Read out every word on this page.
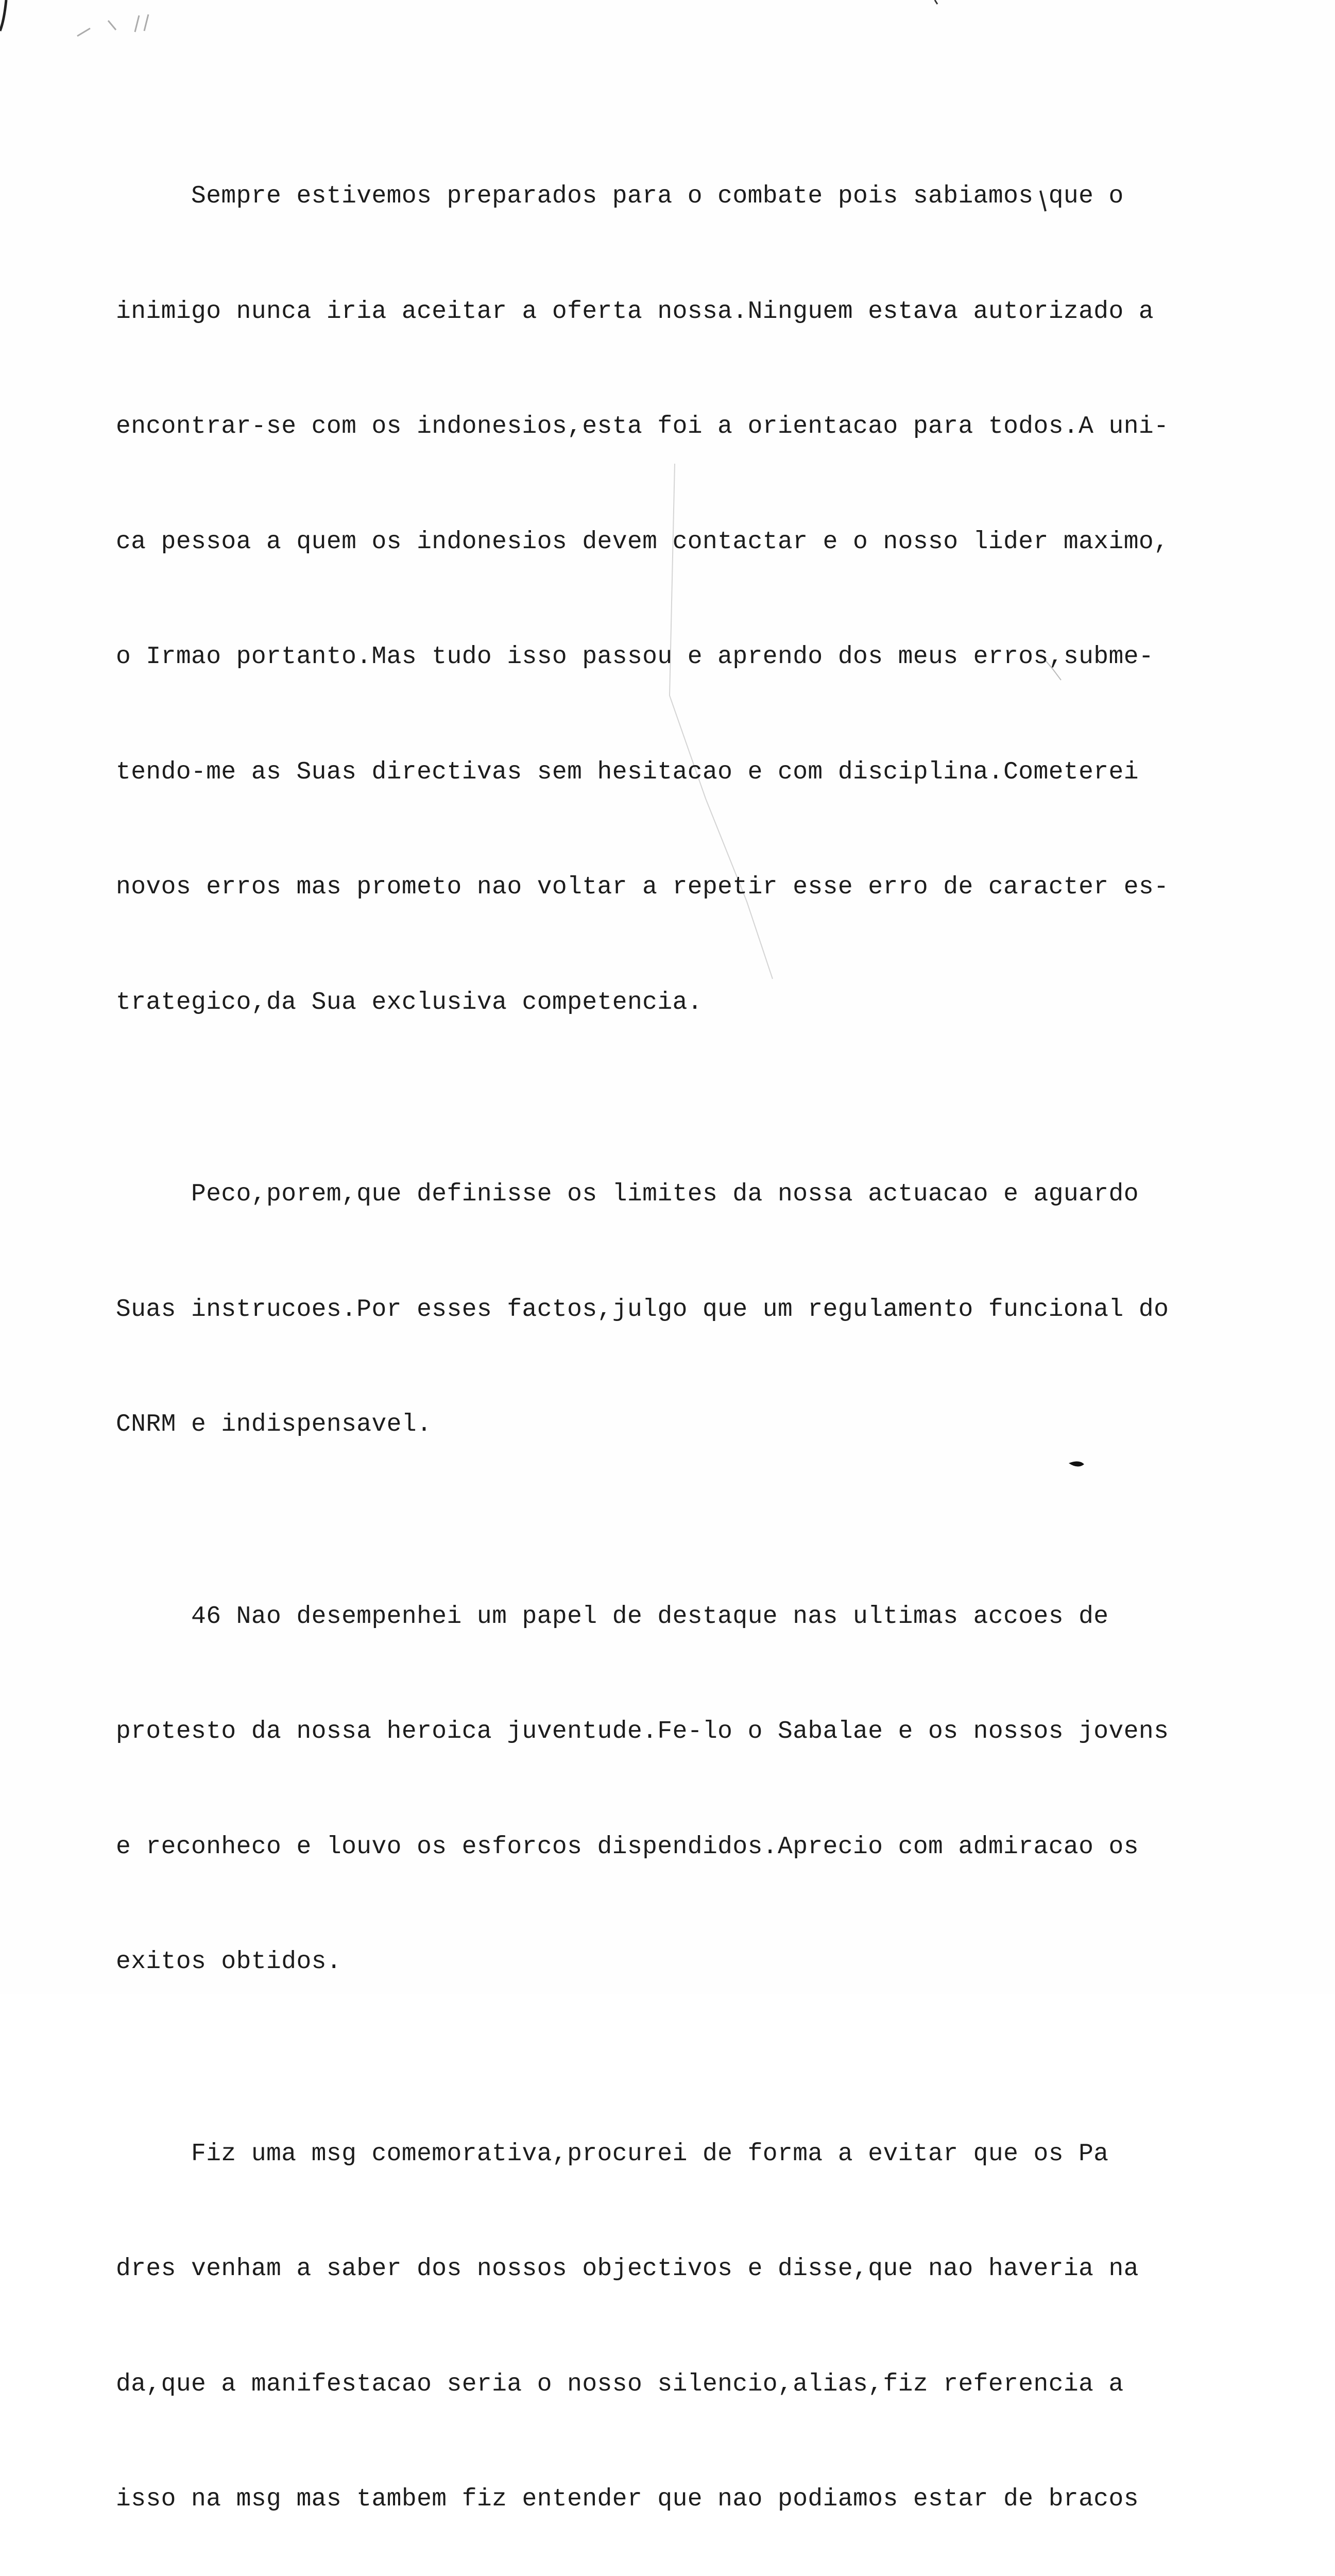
Sempre estivemos preparados para o combate pois sabiamos que o

inimigo nunca iria aceitar a oferta nossa.Ninguem estava autorizado a

encontrar-se com os indonesios,esta foi a orientacao para todos.A uni-

ca pessoa a quem os indonesios devem contactar e o nosso lider maximo,

o Irmao portanto.Mas tudo isso passou e aprendo dos meus erros,subme-

tendo-me as Suas directivas sem hesitacao e com disciplina.Cometerei

novos erros mas prometo nao voltar a repetir esse erro de caracter es-

trategico,da Sua exclusiva competencia.

Peco,porem,que definisse os limites da nossa actuacao e aguardo

Suas instrucoes.Por esses factos,julgo que um regulamento funcional do

CNRM e indispensavel.

46 Nao desempenhei um papel de destaque nas ultimas accoes de

protesto da nossa heroica juventude.Fe-lo o Sabalae e os nossos jovens

e reconheco e louvo os esforcos dispendidos.Aprecio com admiracao os

exitos obtidos.

Fiz uma msg comemorativa,procurei de forma a evitar que os Pa

dres venham a saber dos nossos objectivos e disse,que nao haveria na

da,que a manifestacao seria o nosso silencio,alias,fiz referencia a

isso na msg mas tambem fiz entender que nao podiamos estar de bracos
